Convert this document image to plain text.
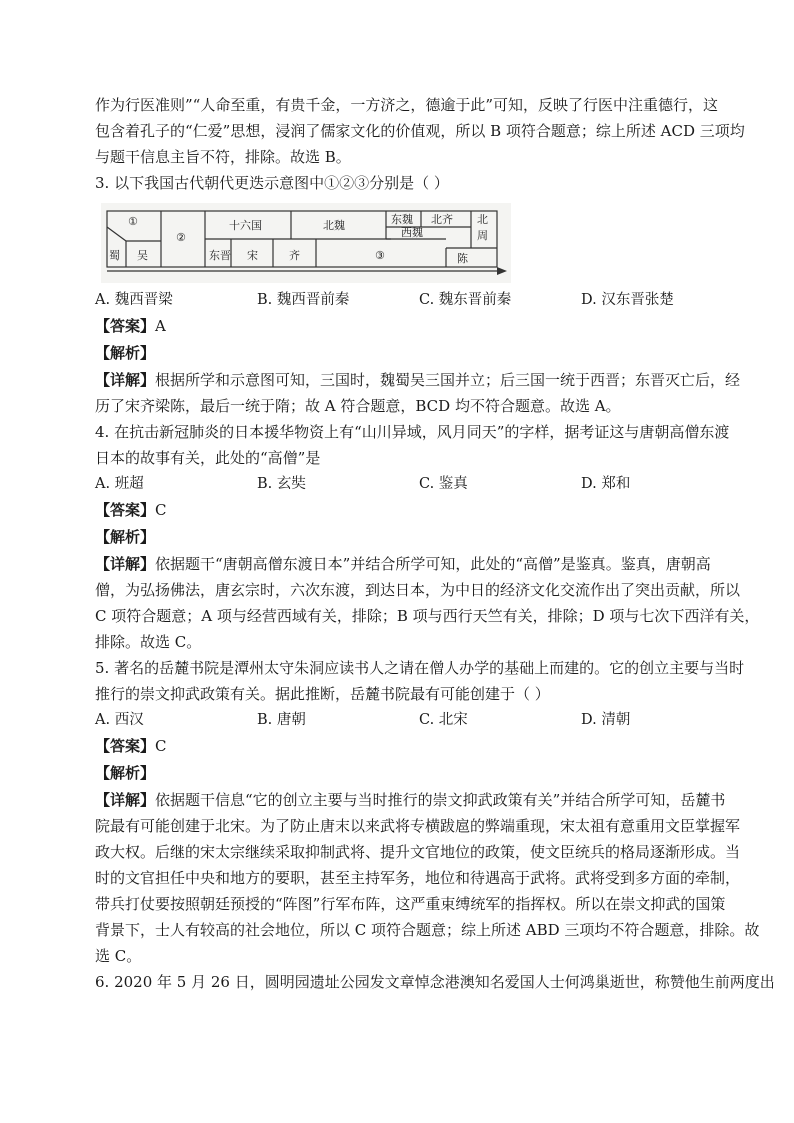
作为行医准则”“人命至重，有贵千金，一方济之，德逾于此”可知，反映了行医中注重德行，这
包含着孔子的“仁爱”思想，浸润了儒家文化的价值观，所以 B 项符合题意；综上所述 ACD 三项均
与题干信息主旨不符，排除。故选 B。
3. 以下我国古代朝代更迭示意图中①②③分别是（ ）
①
蜀 吴
②
十六国
东晋
北魏
宋	齐	③
东魏 北齐
西魏
北
周
陈
A. 魏西晋梁	B. 魏西晋前秦	C. 魏东晋前秦	D. 汉东晋张楚
【答案】A
【解析】
【详解】根据所学和示意图可知，三国时，魏蜀吴三国并立；后三国一统于西晋；东晋灭亡后，经
历了宋齐梁陈，最后一统于隋；故 A 符合题意，BCD 均不符合题意。故选 A。
4. 在抗击新冠肺炎的日本援华物资上有“山川异域，风月同天”的字样，据考证这与唐朝高僧东渡
日本的故事有关，此处的“高僧”是
A. 班超	B. 玄奘	C. 鉴真	D. 郑和
【答案】C
【解析】
【详解】依据题干“唐朝高僧东渡日本”并结合所学可知，此处的“高僧”是鉴真。鉴真，唐朝高
僧，为弘扬佛法，唐玄宗时，六次东渡，到达日本，为中日的经济文化交流作出了突出贡献，所以
C 项符合题意；A 项与经营西域有关，排除；B 项与西行天竺有关，排除；D 项与七次下西洋有关，
排除。故选 C。
5. 著名的岳麓书院是潭州太守朱洞应读书人之请在僧人办学的基础上而建的。它的创立主要与当时
推行的崇文抑武政策有关。据此推断，岳麓书院最有可能创建于（ ）
A. 西汉	B. 唐朝	C. 北宋	D. 清朝
【答案】C
【解析】
【详解】依据题干信息“它的创立主要与当时推行的崇文抑武政策有关”并结合所学可知，岳麓书
院最有可能创建于北宋。为了防止唐末以来武将专横跋扈的弊端重现，宋太祖有意重用文臣掌握军
政大权。后继的宋太宗继续采取抑制武将、提升文官地位的政策，使文臣统兵的格局逐渐形成。当
时的文官担任中央和地方的要职，甚至主持军务，地位和待遇高于武将。武将受到多方面的牵制，
带兵打仗要按照朝廷预授的“阵图”行军布阵，这严重束缚统军的指挥权。所以在崇文抑武的国策
背景下，士人有较高的社会地位，所以 C 项符合题意；综上所述 ABD 三项均不符合题意，排除。故
选 C。
6. 2020 年 5 月 26 日，圆明园遗址公园发文章悼念港澳知名爱国人士何鸿巢逝世，称赞他生前两度出
